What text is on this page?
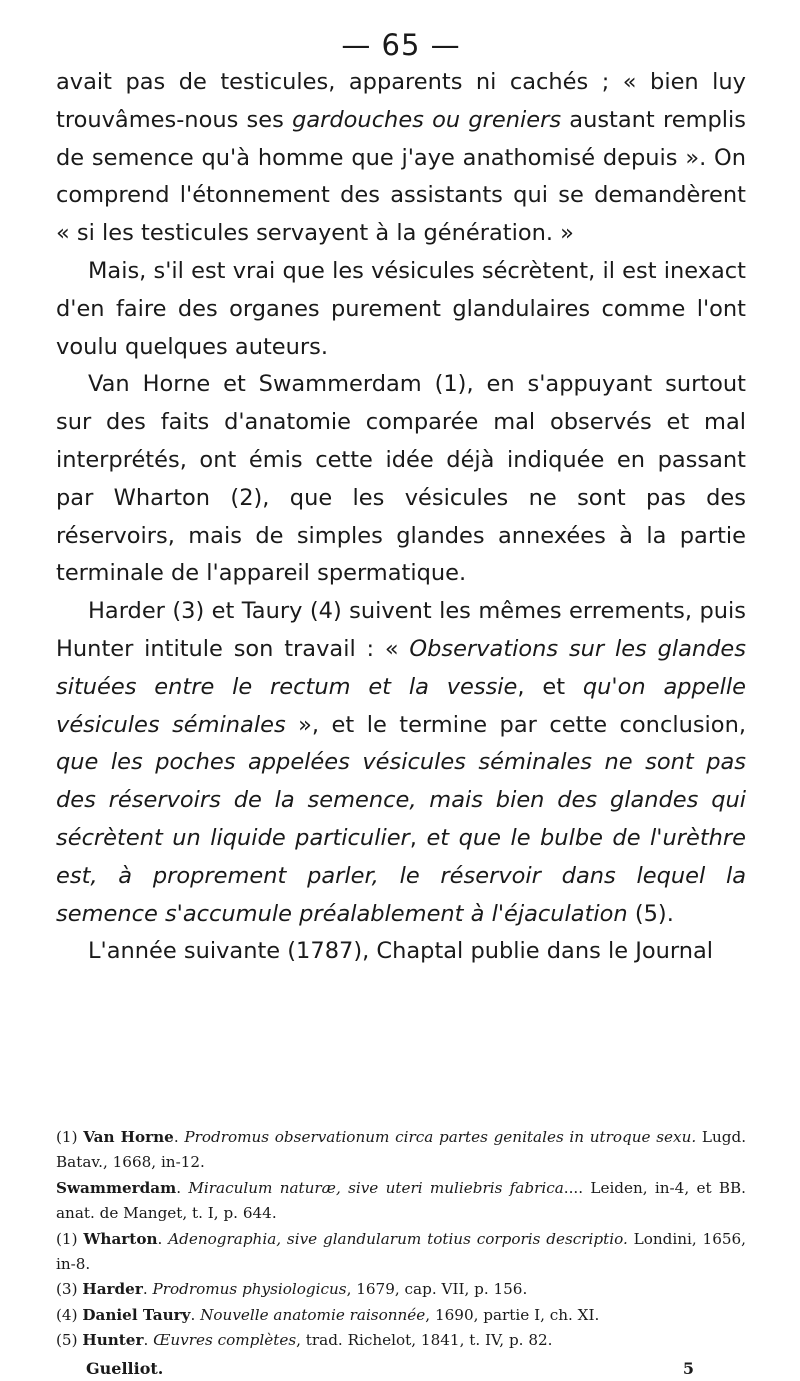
— 65 —

avait pas de testicules, apparents ni cachés ; « bien luy trouvâmes-nous ses gardouches ou greniers austant remplis de semence qu'à homme que j'aye anathomisé depuis ». On comprend l'étonnement des assistants qui se demandèrent « si les testicules servayent à la génération. »

Mais, s'il est vrai que les vésicules sécrètent, il est inexact d'en faire des organes purement glandulaires comme l'ont voulu quelques auteurs.

Van Horne et Swammerdam (1), en s'appuyant surtout sur des faits d'anatomie comparée mal observés et mal interprétés, ont émis cette idée déjà indiquée en passant par Wharton (2), que les vésicules ne sont pas des réservoirs, mais de simples glandes annexées à la partie terminale de l'appareil spermatique.

Harder (3) et Taury (4) suivent les mêmes errements, puis Hunter intitule son travail : « Observations sur les glandes situées entre le rectum et la vessie, et qu'on appelle vésicules séminales », et le termine par cette conclusion, que les poches appelées vésicules séminales ne sont pas des réservoirs de la semence, mais bien des glandes qui sécrètent un liquide particulier, et que le bulbe de l'urèthre est, à proprement parler, le réservoir dans lequel la semence s'accumule préalablement à l'éjaculation (5).

L'année suivante (1787), Chaptal publie dans le Journal

(1) Van Horne. Prodromus observationum circa partes genitales in utroque sexu. Lugd. Batav., 1668, in-12.

Swammerdam. Miraculum naturæ, sive uteri muliebris fabrica.... Leiden, in-4, et BB. anat. de Manget, t. I, p. 644.

(1) Wharton. Adenographia, sive glandularum totius corporis descriptio. Londini, 1656, in-8.

(3) Harder. Prodromus physiologicus, 1679, cap. VII, p. 156.

(4) Daniel Taury. Nouvelle anatomie raisonnée, 1690, partie I, ch. XI.

(5) Hunter. Œuvres complètes, trad. Richelot, 1841, t. IV, p. 82.

Guelliot.	5
